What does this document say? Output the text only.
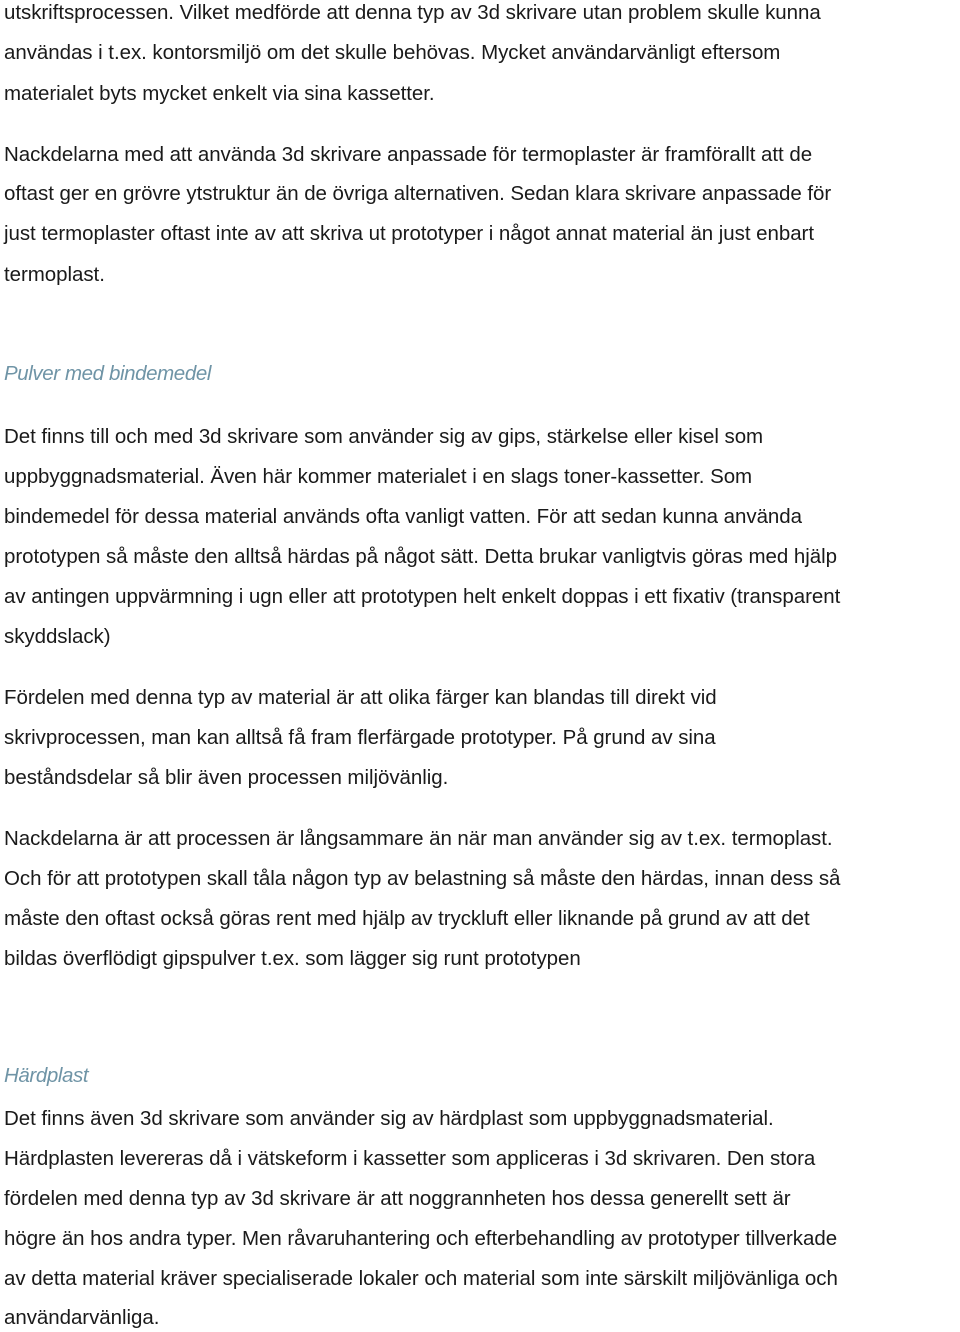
utskriftsprocessen. Vilket medförde att denna typ av 3d skrivare utan problem skulle kunna
användas i t.ex. kontorsmiljö om det skulle behövas. Mycket användarvänligt eftersom
materialet byts mycket enkelt via sina kassetter.
Nackdelarna med att använda 3d skrivare anpassade för termoplaster är framförallt att de
oftast ger en grövre ytstruktur än de övriga alternativen. Sedan klara skrivare anpassade för
just termoplaster oftast inte av att skriva ut prototyper i något annat material än just enbart
termoplast.
Pulver med bindemedel
Det finns till och med 3d skrivare som använder sig av gips, stärkelse eller kisel som
uppbyggnadsmaterial. Även här kommer materialet i en slags toner-kassetter. Som
bindemedel för dessa material används ofta vanligt vatten. För att sedan kunna använda
prototypen så måste den alltså härdas på något sätt. Detta brukar vanligtvis göras med hjälp
av antingen uppvärmning i ugn eller att prototypen helt enkelt doppas i ett fixativ (transparent
skyddslack)
Fördelen med denna typ av material är att olika färger kan blandas till direkt vid
skrivprocessen, man kan alltså få fram flerfärgade prototyper. På grund av sina
beståndsdelar så blir även processen miljövänlig.
Nackdelarna är att processen är långsammare än när man använder sig av t.ex. termoplast.
Och för att prototypen skall tåla någon typ av belastning så måste den härdas, innan dess så
måste den oftast också göras rent med hjälp av tryckluft eller liknande på grund av att det
bildas överflödigt gipspulver t.ex. som lägger sig runt prototypen
Härdplast
Det finns även 3d skrivare som använder sig av härdplast som uppbyggnadsmaterial.
Härdplasten levereras då i vätskeform i kassetter som appliceras i 3d skrivaren. Den stora
fördelen med denna typ av 3d skrivare är att noggrannheten hos dessa generellt sett är
högre än hos andra typer. Men råvaruhantering och efterbehandling av prototyper tillverkade
av detta material kräver specialiserade lokaler och material som inte särskilt miljövänliga och
användarvänliga.
